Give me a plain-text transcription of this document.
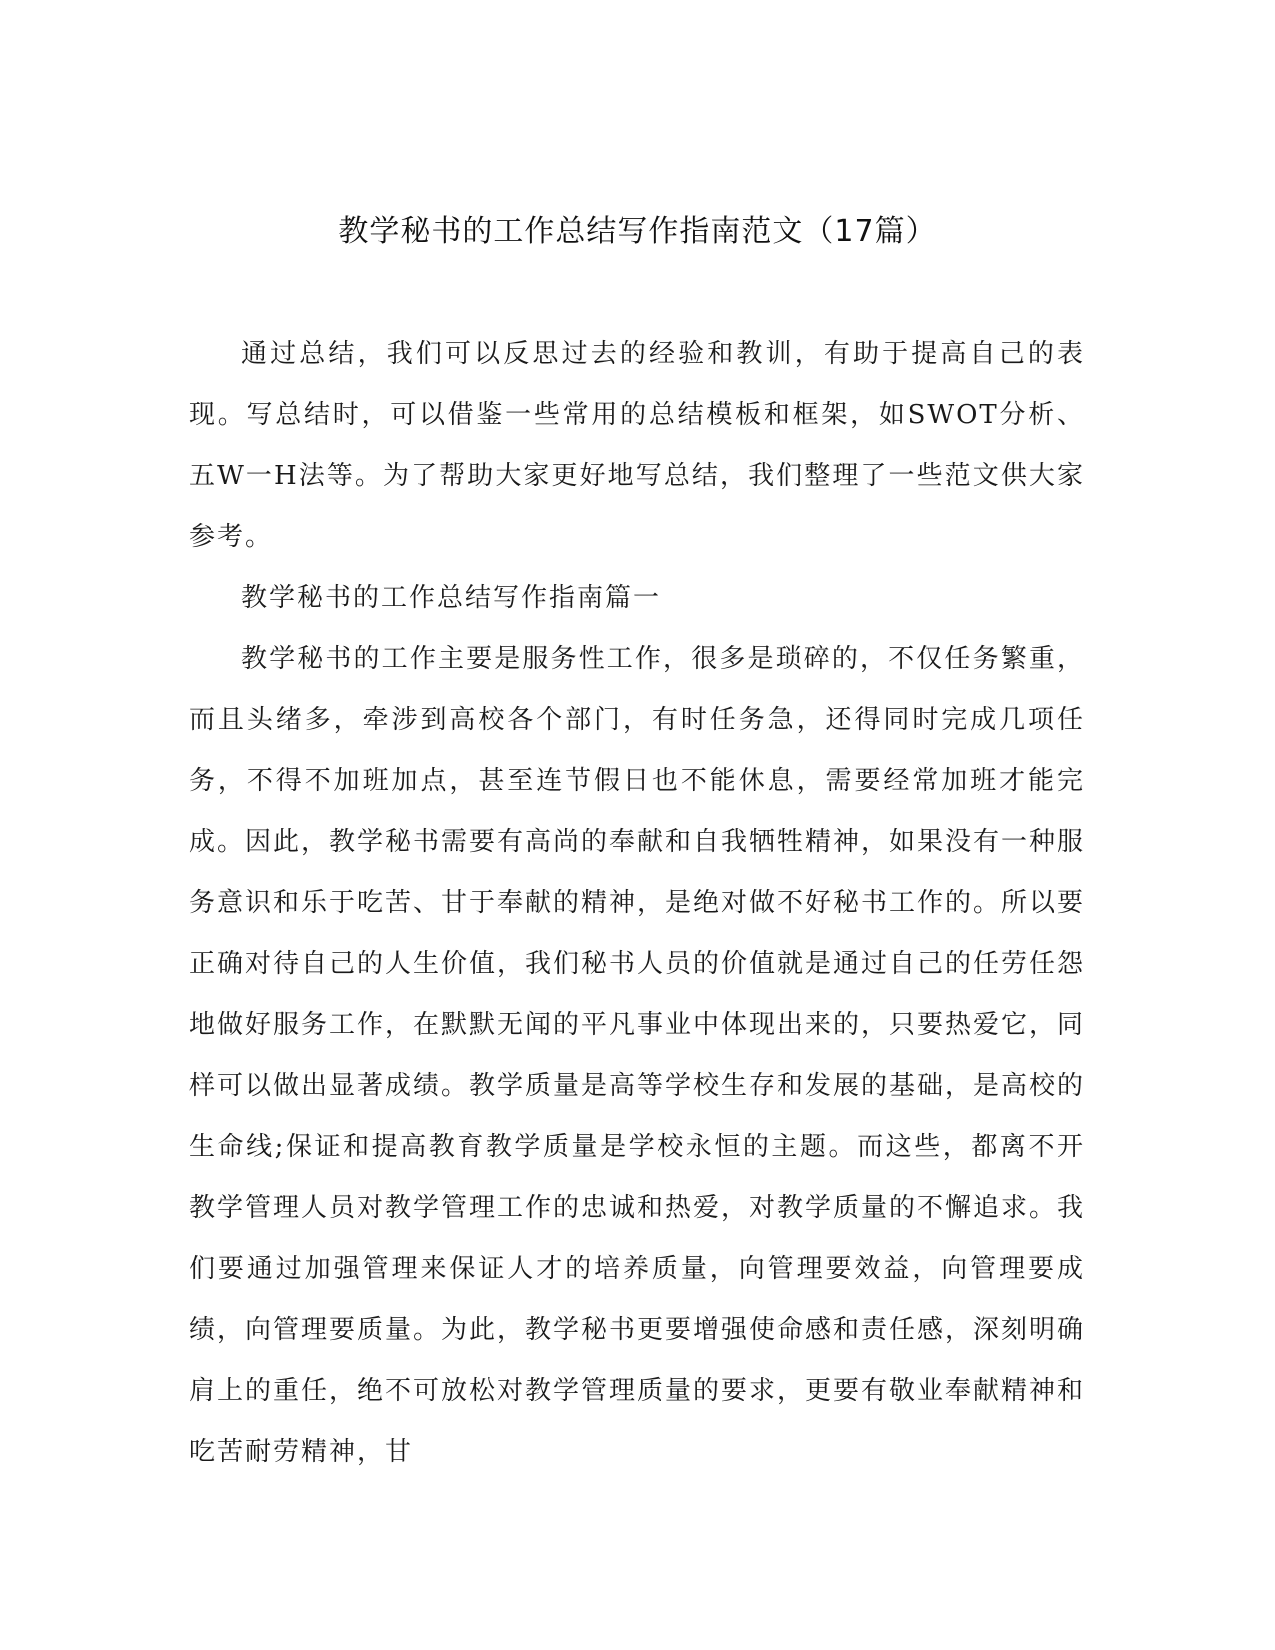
教学秘书的工作总结写作指南范文（17篇）

通过总结，我们可以反思过去的经验和教训，有助于提高自己的表现。写总结时，可以借鉴一些常用的总结模板和框架，如SWOT分析、五W一H法等。为了帮助大家更好地写总结，我们整理了一些范文供大家参考。

教学秘书的工作总结写作指南篇一

教学秘书的工作主要是服务性工作，很多是琐碎的，不仅任务繁重，而且头绪多，牵涉到高校各个部门，有时任务急，还得同时完成几项任务，不得不加班加点，甚至连节假日也不能休息，需要经常加班才能完成。因此，教学秘书需要有高尚的奉献和自我牺牲精神，如果没有一种服务意识和乐于吃苦、甘于奉献的精神，是绝对做不好秘书工作的。所以要正确对待自己的人生价值，我们秘书人员的价值就是通过自己的任劳任怨地做好服务工作，在默默无闻的平凡事业中体现出来的，只要热爱它，同样可以做出显著成绩。教学质量是高等学校生存和发展的基础，是高校的生命线;保证和提高教育教学质量是学校永恒的主题。而这些，都离不开教学管理人员对教学管理工作的忠诚和热爱，对教学质量的不懈追求。我们要通过加强管理来保证人才的培养质量，向管理要效益，向管理要成绩，向管理要质量。为此，教学秘书更要增强使命感和责任感，深刻明确肩上的重任，绝不可放松对教学管理质量的要求，更要有敬业奉献精神和吃苦耐劳精神，甘
